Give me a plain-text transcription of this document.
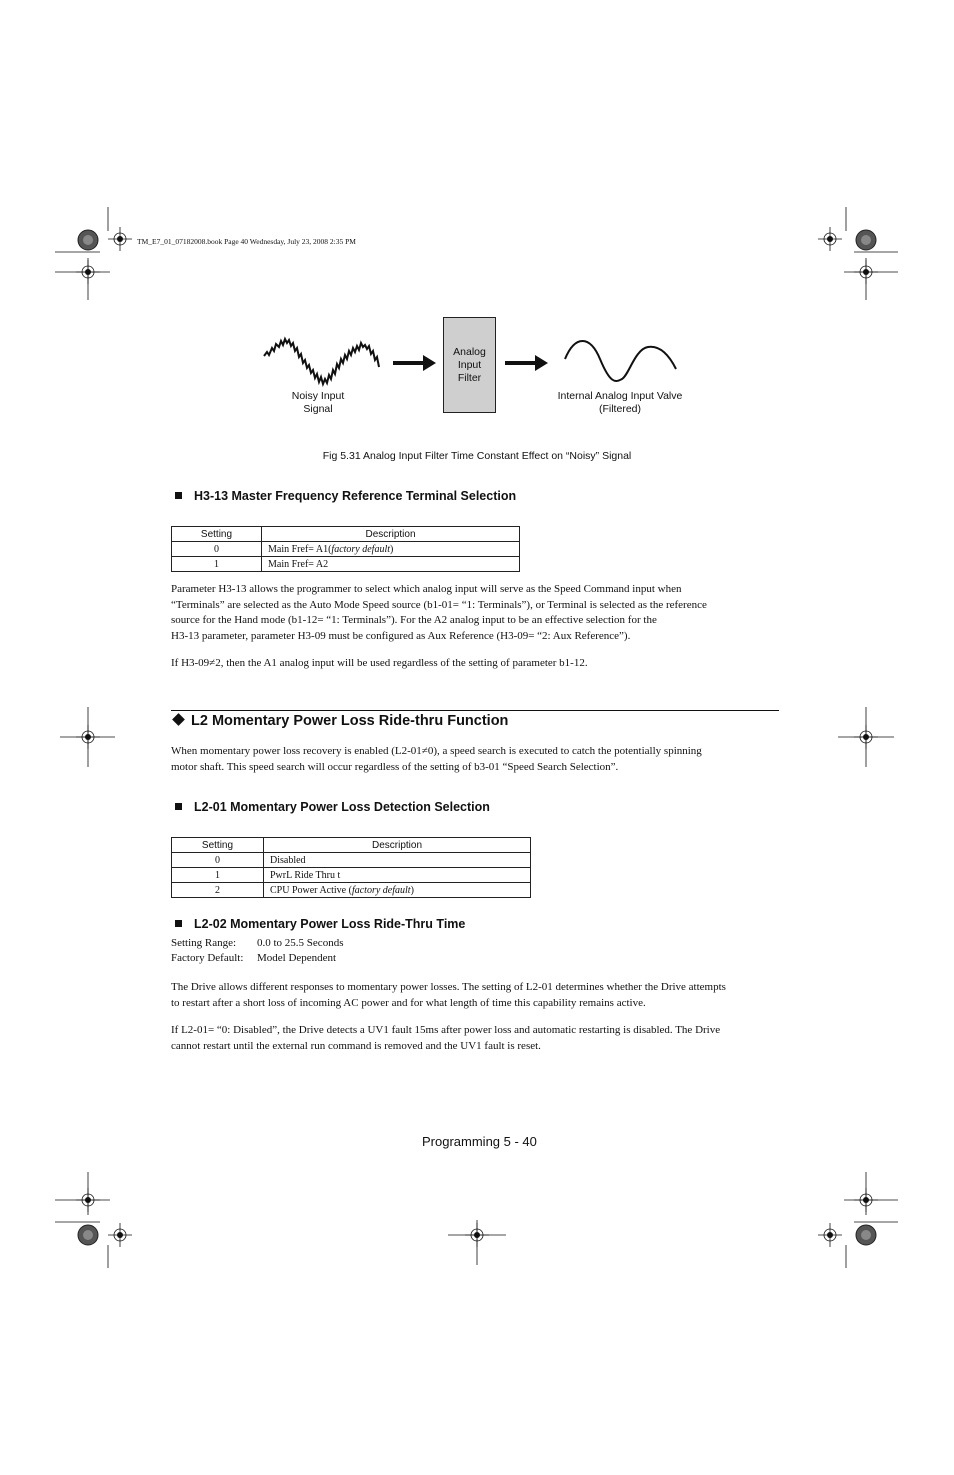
TM_E7_01_07182008.book Page 40 Wednesday, July 23, 2008 2:35 PM
Analog
Input
Filter
Noisy Input
Signal
Internal Analog Input Valve
(Filtered)
Fig 5.31 Analog Input Filter Time Constant Effect on “Noisy” Signal
H3-13 Master Frequency Reference Terminal Selection
Setting	Description
0	Main Fref= A1(factory default)
1	Main Fref= A2
Parameter H3-13 allows the programmer to select which analog input will serve as the Speed Command input when
“Terminals” are selected as the Auto Mode Speed source (b1-01= “1: Terminals”), or Terminal is selected as the reference
source for the Hand mode (b1-12= “1: Terminals”). For the A2 analog input to be an effective selection for the
H3-13 parameter, parameter H3-09 must be configured as Aux Reference (H3-09= “2: Aux Reference”).
If H3-09≠2, then the A1 analog input will be used regardless of the setting of parameter b1-12.
L2 Momentary Power Loss Ride-thru Function
When momentary power loss recovery is enabled (L2-01≠0), a speed search is executed to catch the potentially spinning
motor shaft. This speed search will occur regardless of the setting of b3-01 “Speed Search Selection”.
L2-01 Momentary Power Loss Detection Selection
Setting	Description
0	Disabled
1	PwrL Ride Thru t
2	CPU Power Active (factory default)
L2-02 Momentary Power Loss Ride-Thru Time
Setting Range: 0.0 to 25.5 Seconds
Factory Default: Model Dependent
The Drive allows different responses to momentary power losses. The setting of L2-01 determines whether the Drive attempts
to restart after a short loss of incoming AC power and for what length of time this capability remains active.
If L2-01= “0: Disabled”, the Drive detects a UV1 fault 15ms after power loss and automatic restarting is disabled. The Drive
cannot restart until the external run command is removed and the UV1 fault is reset.
Programming 5 - 40
